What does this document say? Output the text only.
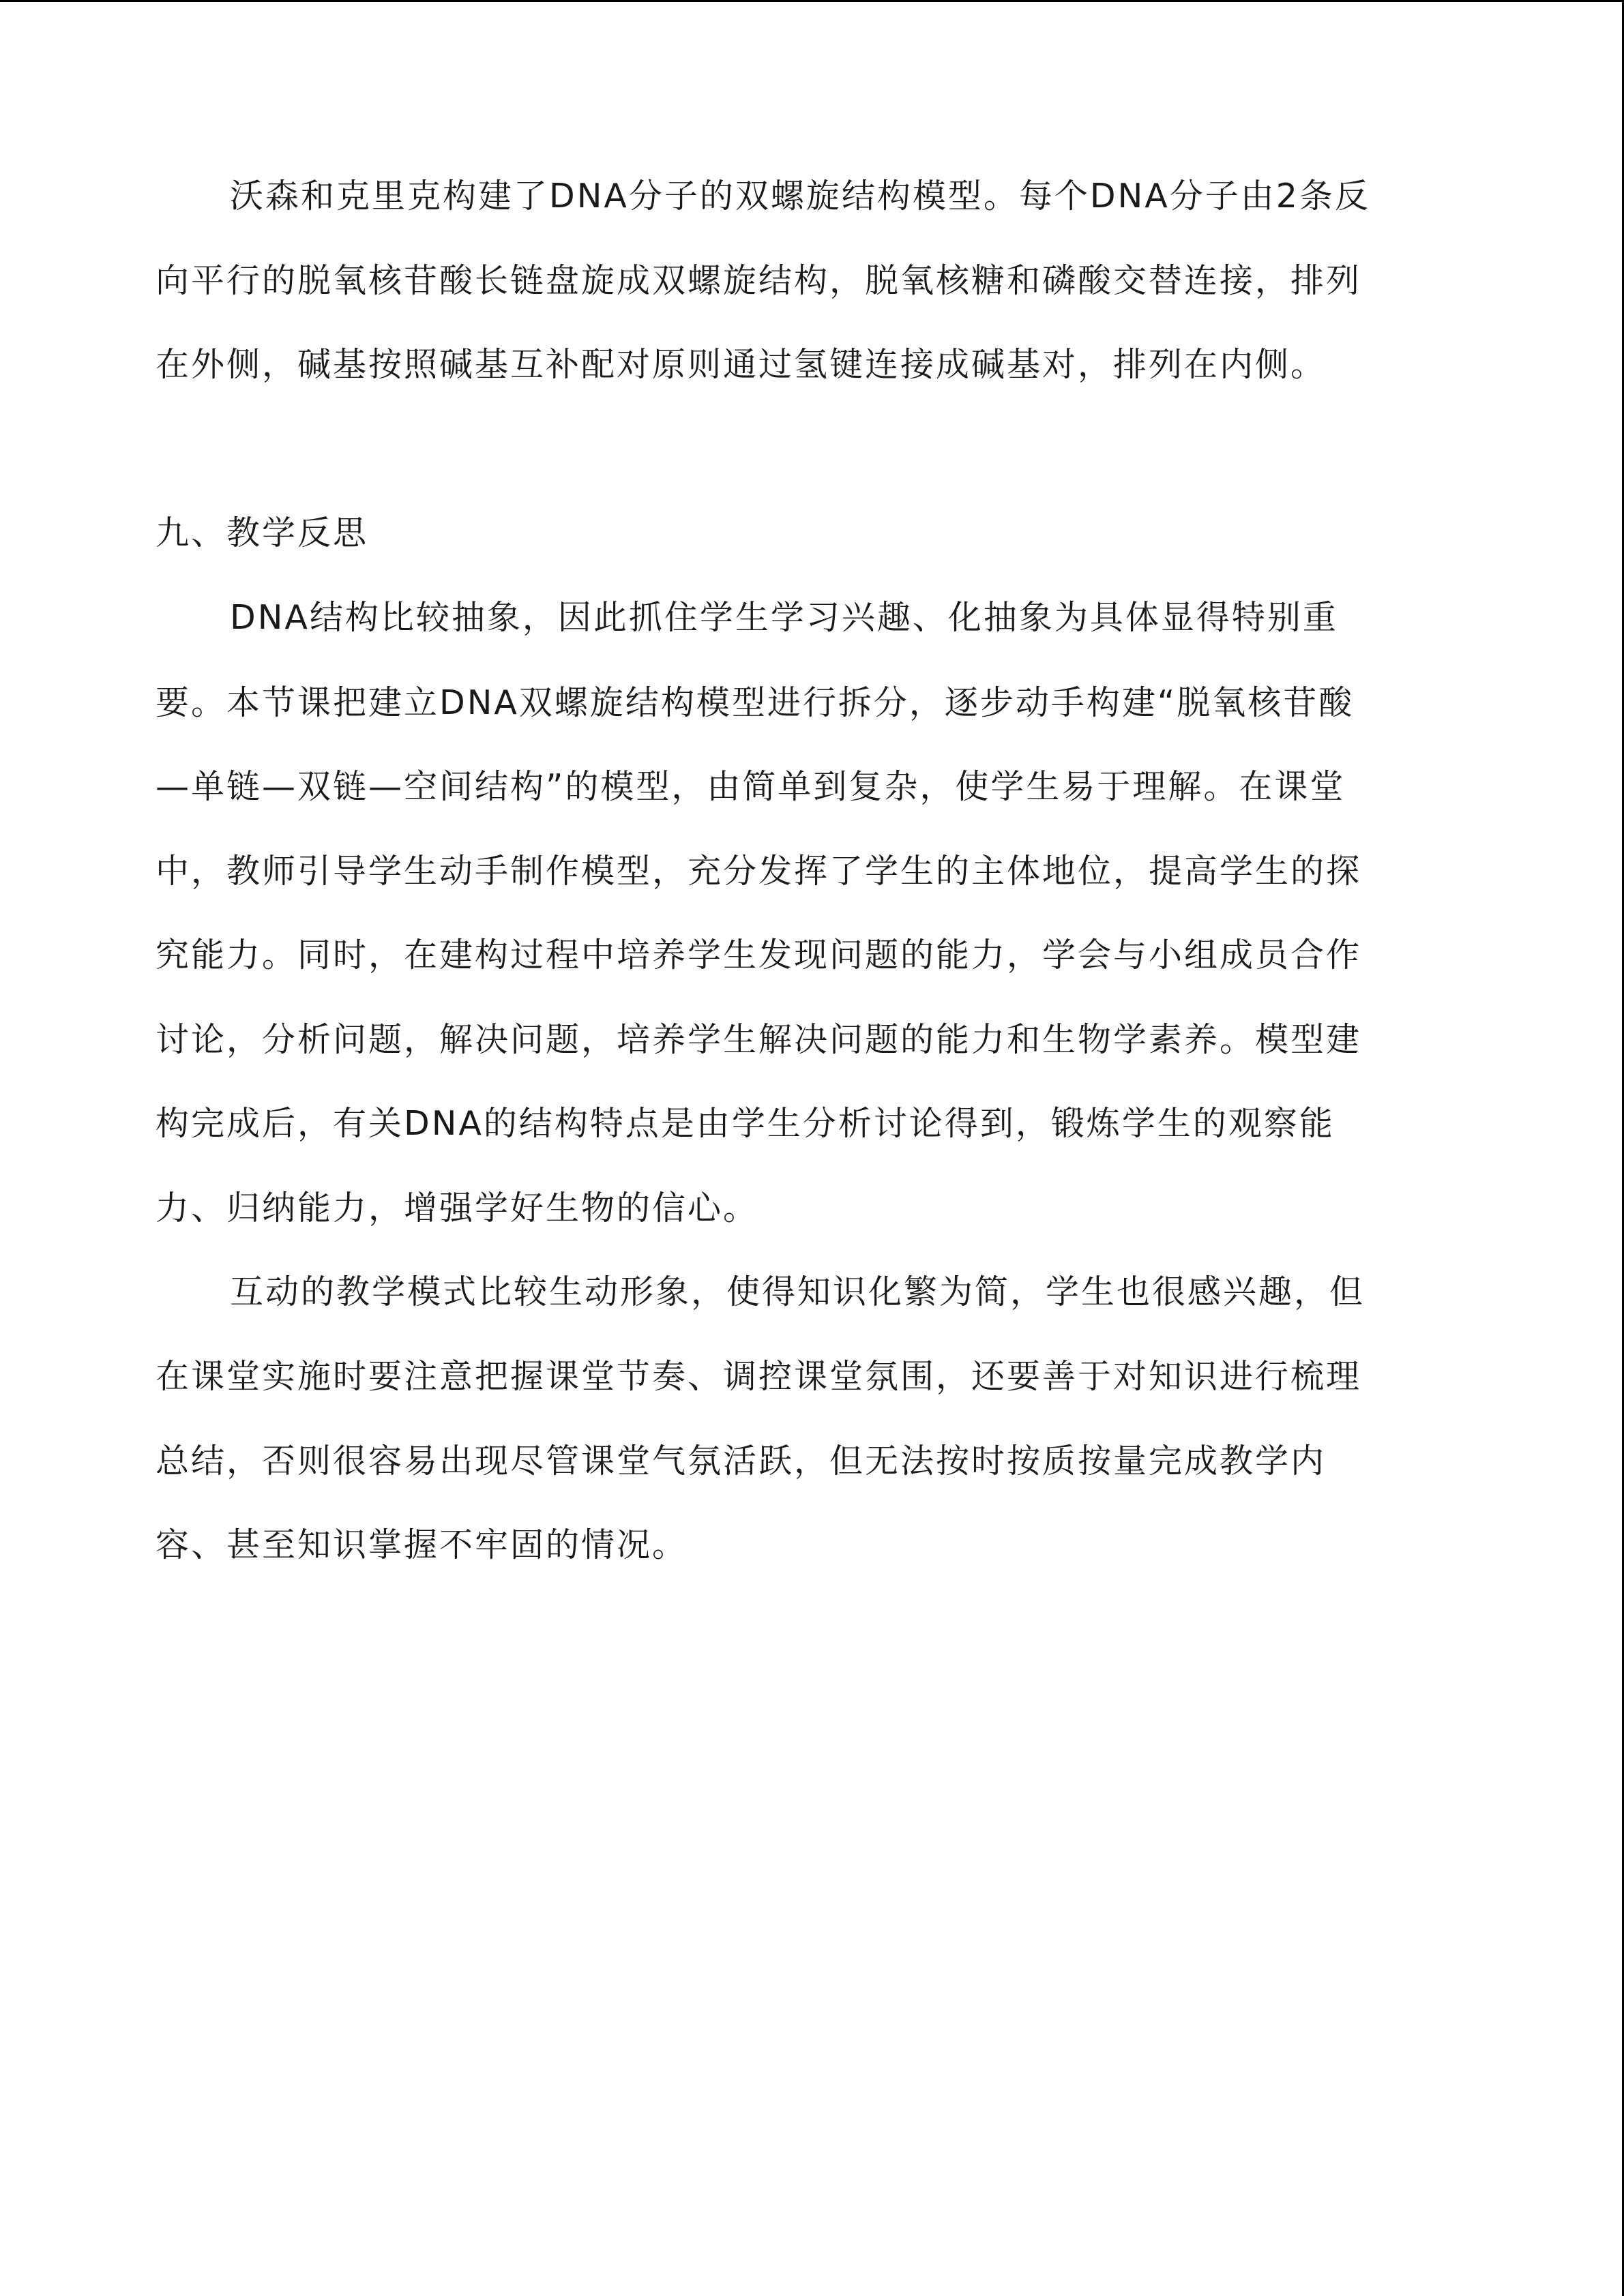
沃森和克里克构建了DNA分子的双螺旋结构模型。每个DNA分子由2条反
向平行的脱氧核苷酸长链盘旋成双螺旋结构，脱氧核糖和磷酸交替连接，排列
在外侧，碱基按照碱基互补配对原则通过氢键连接成碱基对，排列在内侧。
九、教学反思
DNA结构比较抽象，因此抓住学生学习兴趣、化抽象为具体显得特别重
要。本节课把建立DNA双螺旋结构模型进行拆分，逐步动手构建“脱氧核苷酸
—单链—双链—空间结构”的模型，由简单到复杂，使学生易于理解。在课堂
中，教师引导学生动手制作模型，充分发挥了学生的主体地位，提高学生的探
究能力。同时，在建构过程中培养学生发现问题的能力，学会与小组成员合作
讨论，分析问题，解决问题，培养学生解决问题的能力和生物学素养。模型建
构完成后，有关DNA的结构特点是由学生分析讨论得到，锻炼学生的观察能
力、归纳能力，增强学好生物的信心。
互动的教学模式比较生动形象，使得知识化繁为简，学生也很感兴趣，但
在课堂实施时要注意把握课堂节奏、调控课堂氛围，还要善于对知识进行梳理
总结，否则很容易出现尽管课堂气氛活跃，但无法按时按质按量完成教学内
容、甚至知识掌握不牢固的情况。
